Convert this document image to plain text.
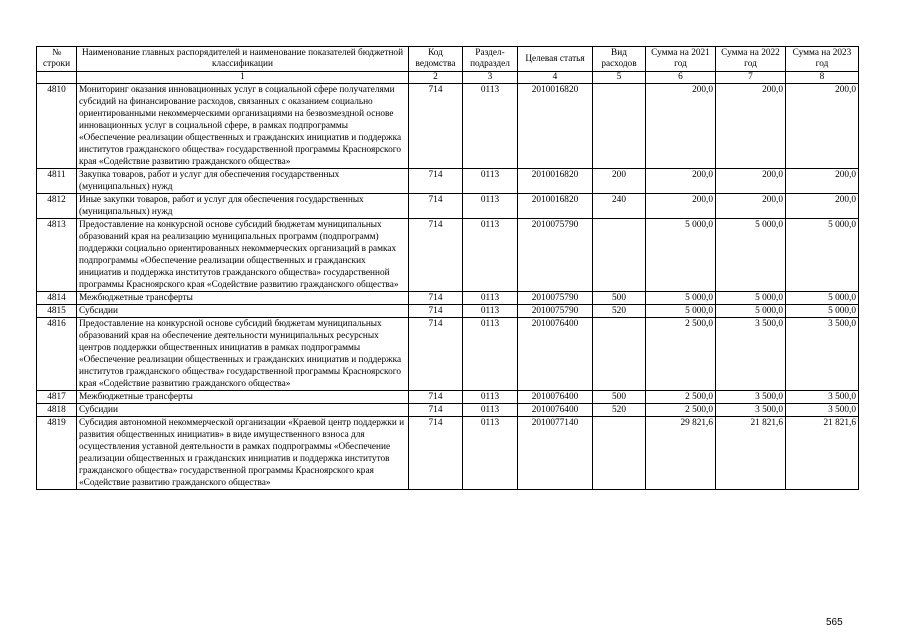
№ строки	Наименование главных распорядителей и наименование показателей бюджетной классификации	Код ведомства	Раздел-подраздел	Целевая статья	Вид расходов	Сумма на 2021 год	Сумма на 2022 год	Сумма на 2023 год
	1	2	3	4	5	6	7	8
4810	Мониторинг оказания инновационных услуг в социальной сфере получателями субсидий на финансирование расходов, связанных с оказанием социально ориентированными некоммерческими организациями на безвозмездной основе инновационных услуг в социальной сфере, в рамках подпрограммы «Обеспечение реализации общественных и гражданских инициатив и поддержка институтов гражданского общества» государственной программы Красноярского края «Содействие развитию гражданского общества»	714	0113	2010016820		200,0	200,0	200,0
4811	Закупка товаров, работ и услуг для обеспечения государственных (муниципальных) нужд	714	0113	2010016820	200	200,0	200,0	200,0
4812	Иные закупки товаров, работ и услуг для обеспечения государственных (муниципальных) нужд	714	0113	2010016820	240	200,0	200,0	200,0
4813	Предоставление на конкурсной основе субсидий бюджетам муниципальных образований края на реализацию муниципальных программ (подпрограмм) поддержки социально ориентированных некоммерческих организаций в рамках подпрограммы «Обеспечение реализации общественных и гражданских инициатив и поддержка институтов гражданского общества» государственной программы Красноярского края «Содействие развитию гражданского общества»	714	0113	2010075790		5 000,0	5 000,0	5 000,0
4814	Межбюджетные трансферты	714	0113	2010075790	500	5 000,0	5 000,0	5 000,0
4815	Субсидии	714	0113	2010075790	520	5 000,0	5 000,0	5 000,0
4816	Предоставление на конкурсной основе субсидий бюджетам муниципальных образований края на обеспечение деятельности муниципальных ресурсных центров поддержки общественных инициатив в рамках подпрограммы «Обеспечение реализации общественных и гражданских инициатив и поддержка институтов гражданского общества» государственной программы Красноярского края «Содействие развитию гражданского общества»	714	0113	2010076400		2 500,0	3 500,0	3 500,0
4817	Межбюджетные трансферты	714	0113	2010076400	500	2 500,0	3 500,0	3 500,0
4818	Субсидии	714	0113	2010076400	520	2 500,0	3 500,0	3 500,0
4819	Субсидия автономной некоммерческой организации «Краевой центр поддержки и развития общественных инициатив» в виде имущественного взноса для осуществления уставной деятельности в рамках подпрограммы «Обеспечение реализации общественных и гражданских инициатив и поддержка институтов гражданского общества» государственной программы Красноярского края «Содействие развитию гражданского общества»	714	0113	2010077140		29 821,6	21 821,6	21 821,6
565
